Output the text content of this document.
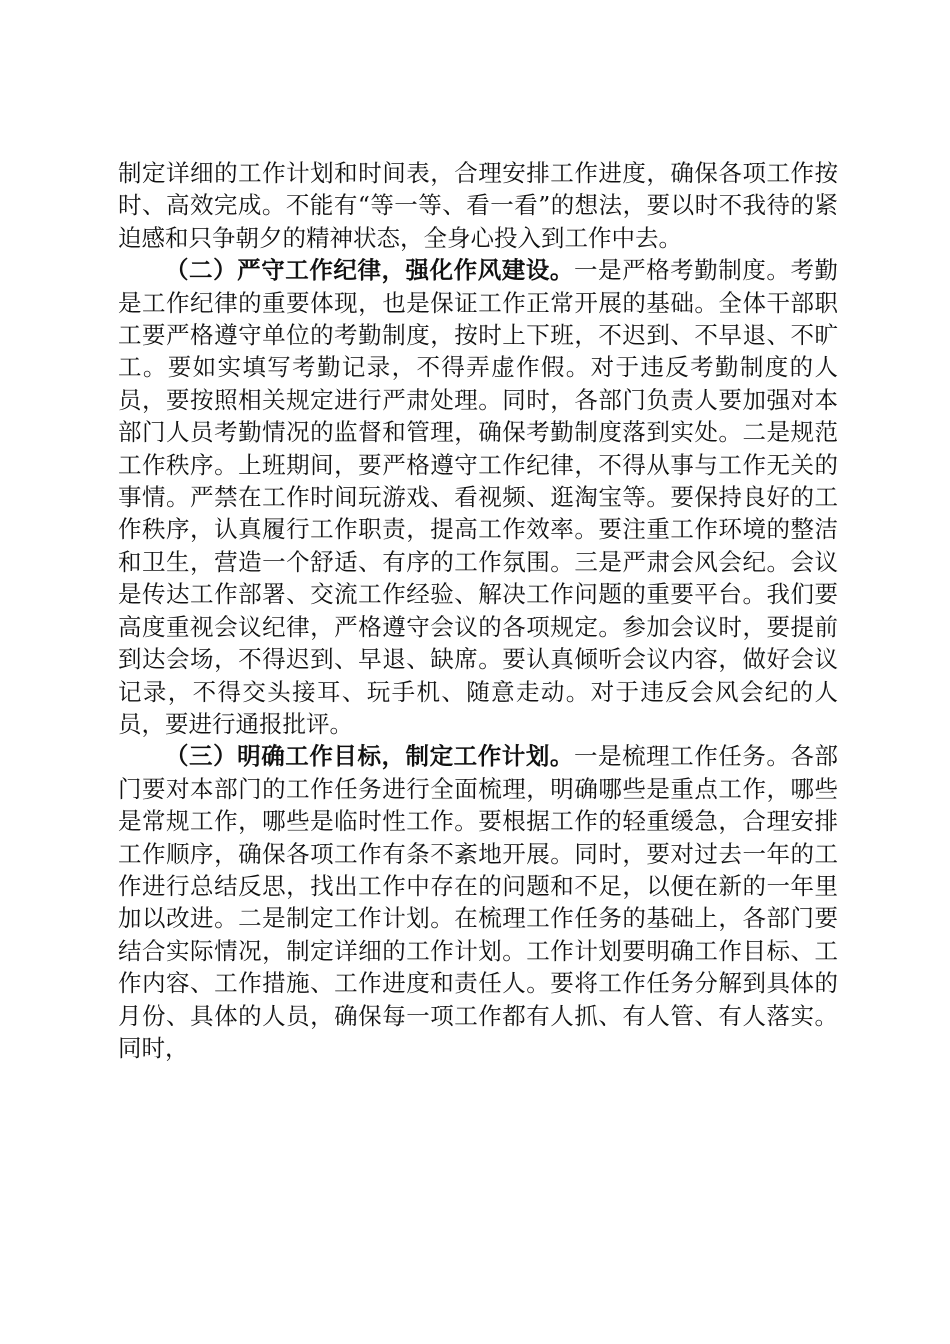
制定详细的工作计划和时间表，合理安排工作进度，确保各项工作按时、高效完成。不能有“等一等、看一看”的想法，要以时不我待的紧迫感和只争朝夕的精神状态，全身心投入到工作中去。

（二）严守工作纪律，强化作风建设。一是严格考勤制度。考勤是工作纪律的重要体现，也是保证工作正常开展的基础。全体干部职工要严格遵守单位的考勤制度，按时上下班，不迟到、不早退、不旷工。要如实填写考勤记录，不得弄虚作假。对于违反考勤制度的人员，要按照相关规定进行严肃处理。同时，各部门负责人要加强对本部门人员考勤情况的监督和管理，确保考勤制度落到实处。二是规范工作秩序。上班期间，要严格遵守工作纪律，不得从事与工作无关的事情。严禁在工作时间玩游戏、看视频、逛淘宝等。要保持良好的工作秩序，认真履行工作职责，提高工作效率。要注重工作环境的整洁和卫生，营造一个舒适、有序的工作氛围。三是严肃会风会纪。会议是传达工作部署、交流工作经验、解决工作问题的重要平台。我们要高度重视会议纪律，严格遵守会议的各项规定。参加会议时，要提前到达会场，不得迟到、早退、缺席。要认真倾听会议内容，做好会议记录，不得交头接耳、玩手机、随意走动。对于违反会风会纪的人员，要进行通报批评。

（三）明确工作目标，制定工作计划。一是梳理工作任务。各部门要对本部门的工作任务进行全面梳理，明确哪些是重点工作，哪些是常规工作，哪些是临时性工作。要根据工作的轻重缓急，合理安排工作顺序，确保各项工作有条不紊地开展。同时，要对过去一年的工作进行总结反思，找出工作中存在的问题和不足，以便在新的一年里加以改进。二是制定工作计划。在梳理工作任务的基础上，各部门要结合实际情况，制定详细的工作计划。工作计划要明确工作目标、工作内容、工作措施、工作进度和责任人。要将工作任务分解到具体的月份、具体的人员，确保每一项工作都有人抓、有人管、有人落实。同时，
